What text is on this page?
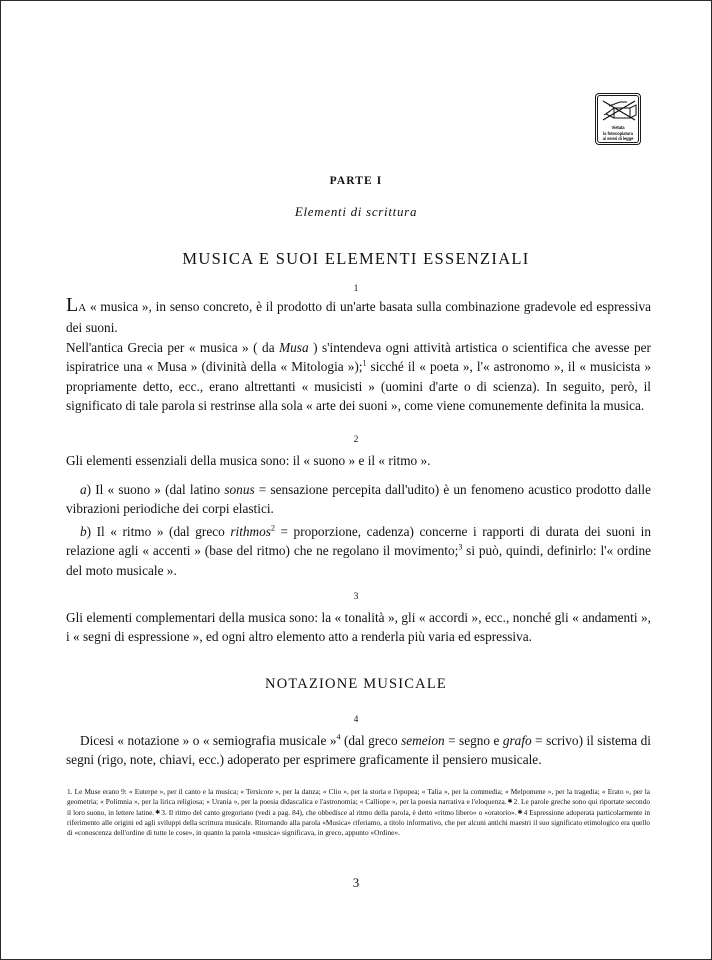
Vietata
la fotocopiatura
ai sensi di legge
PARTE I
Elementi di scrittura
MUSICA E SUOI ELEMENTI ESSENZIALI
1

LA « musica », in senso concreto, è il prodotto di un'arte basata sulla combinazione gradevole ed espressiva dei suoni.

Nell'antica Grecia per « musica » ( da Musa ) s'intendeva ogni attività artistica o scientifica che avesse per ispiratrice una « Musa » (divinità della « Mitologia »);$^1$ sicché il « poeta », l'« astronomo », il « musicista » propriamente detto, ecc., erano altrettanti « musicisti » (uomini d'arte o di scienza). In seguito, però, il significato di tale parola si restrinse alla sola « arte dei suoni », come viene comunemente definita la musica.

2

Gli elementi essenziali della musica sono: il « suono » e il « ritmo ».

a) Il « suono » (dal latino sonus = sensazione percepita dall'udito) è un fenomeno acustico prodotto dalle vibrazioni periodiche dei corpi elastici.

b) Il « ritmo » (dal greco rithmos$^2$ = proporzione, cadenza) concerne i rapporti di durata dei suoni in relazione agli « accenti » (base del ritmo) che ne regolano il movimento;$^3$ si può, quindi, definirlo: l'« ordine del moto musicale ».

3

Gli elementi complementari della musica sono: la « tonalità », gli « accordi », ecc., nonché gli « andamenti », i « segni di espressione », ed ogni altro elemento atto a renderla più varia ed espressiva.

NOTAZIONE MUSICALE
4

Dicesi « notazione » o « semiografia musicale »$^4$ (dal greco semeion = segno e grafo = scrivo) il sistema di segni (rigo, note, chiavi, ecc.) adoperato per esprimere graficamente il pensiero musicale.

1. Le Muse erano 9: « Euterpe », per il canto e la musica; « Tersicore », per la danza; « Clio », per la storia e l'epopea; « Talia », per la commedia; « Melpomene », per la tragedia; « Erato », per la geometria; « Polimnia », per la lirica religiosa; « Urania », per la poesia didascalica e l'astronomia; « Calliope », per la poesia narrativa e l'eloquenza.✱2. Le parole greche sono qui riportate secondo il loro suono, in lettere latine.✱3. Il ritmo del canto gregoriano (vedi a pag. 84), che obbedisce al ritmo della parola, è detto «ritmo libero» o «oratorio».✱4 Espressione adoperata particolarmente in riferimento alle origini ed agli sviluppi della scrittura musicale. Ritornando alla parola «Musica» riferiamo, a titolo informativo, che per alcuni antichi maestri il suo significato etimologico era quello di «conoscenza dell'ordine di tutte le cose», in quanto la parola «musica» significava, in greco, appunto «Ordine».

3
